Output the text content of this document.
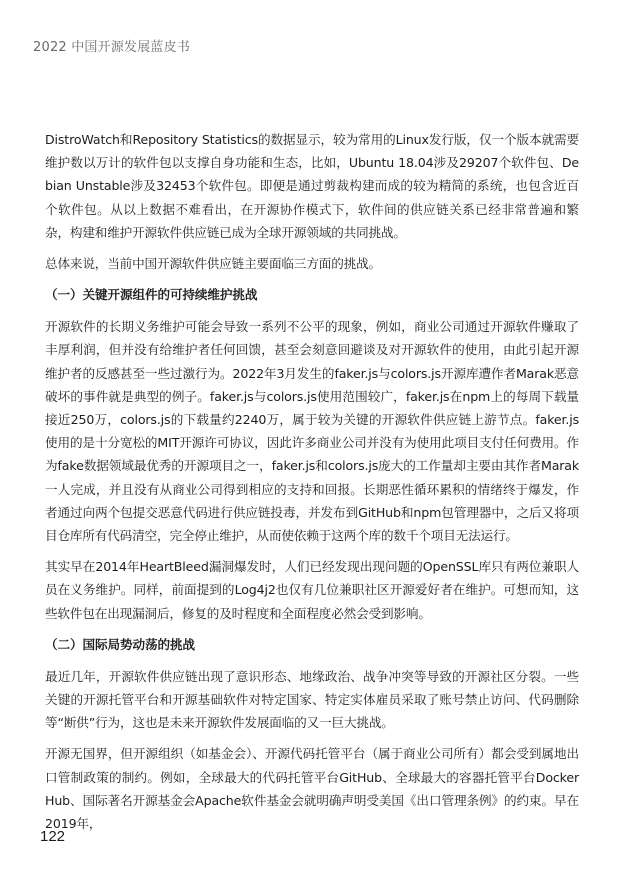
2022 中国开源发展蓝皮书

DistroWatch和Repository Statistics的数据显示，较为常用的Linux发行版，仅一个版本就需要维护数以万计的软件包以支撑自身功能和生态，比如，Ubuntu 18.04涉及29207个软件包、Debian Unstable涉及32453个软件包。即便是通过剪裁构建而成的较为精简的系统，也包含近百个软件包。从以上数据不难看出，在开源协作模式下，软件间的供应链关系已经非常普遍和繁杂，构建和维护开源软件供应链已成为全球开源领域的共同挑战。

总体来说，当前中国开源软件供应链主要面临三方面的挑战。

（一）关键开源组件的可持续维护挑战

开源软件的长期义务维护可能会导致一系列不公平的现象，例如，商业公司通过开源软件赚取了丰厚利润，但并没有给维护者任何回馈，甚至会刻意回避谈及对开源软件的使用，由此引起开源维护者的反感甚至一些过激行为。2022年3月发生的faker.js与colors.js开源库遭作者Marak恶意破坏的事件就是典型的例子。faker.js与colors.js使用范围较广，faker.js在npm上的每周下载量接近250万，colors.js的下载量约2240万，属于较为关键的开源软件供应链上游节点。faker.js使用的是十分宽松的MIT开源许可协议，因此许多商业公司并没有为使用此项目支付任何费用。作为fake数据领域最优秀的开源项目之一，faker.js和colors.js庞大的工作量却主要由其作者Marak一人完成，并且没有从商业公司得到相应的支持和回报。长期恶性循环累积的情绪终于爆发，作者通过向两个包提交恶意代码进行供应链投毒，并发布到GitHub和npm包管理器中，之后又将项目仓库所有代码清空，完全停止维护，从而使依赖于这两个库的数千个项目无法运行。

其实早在2014年HeartBleed漏洞爆发时，人们已经发现出现问题的OpenSSL库只有两位兼职人员在义务维护。同样，前面提到的Log4j2也仅有几位兼职社区开源爱好者在维护。可想而知，这些软件包在出现漏洞后，修复的及时程度和全面程度必然会受到影响。

（二）国际局势动荡的挑战

最近几年，开源软件供应链出现了意识形态、地缘政治、战争冲突等导致的开源社区分裂。一些关键的开源托管平台和开源基础软件对特定国家、特定实体雇员采取了账号禁止访问、代码删除等“断供”行为，这也是未来开源软件发展面临的又一巨大挑战。

开源无国界，但开源组织（如基金会）、开源代码托管平台（属于商业公司所有）都会受到属地出口管制政策的制约。例如，全球最大的代码托管平台GitHub、全球最大的容器托管平台Docker Hub、国际著名开源基金会Apache软件基金会就明确声明受美国《出口管理条例》的约束。早在2019年，

122
